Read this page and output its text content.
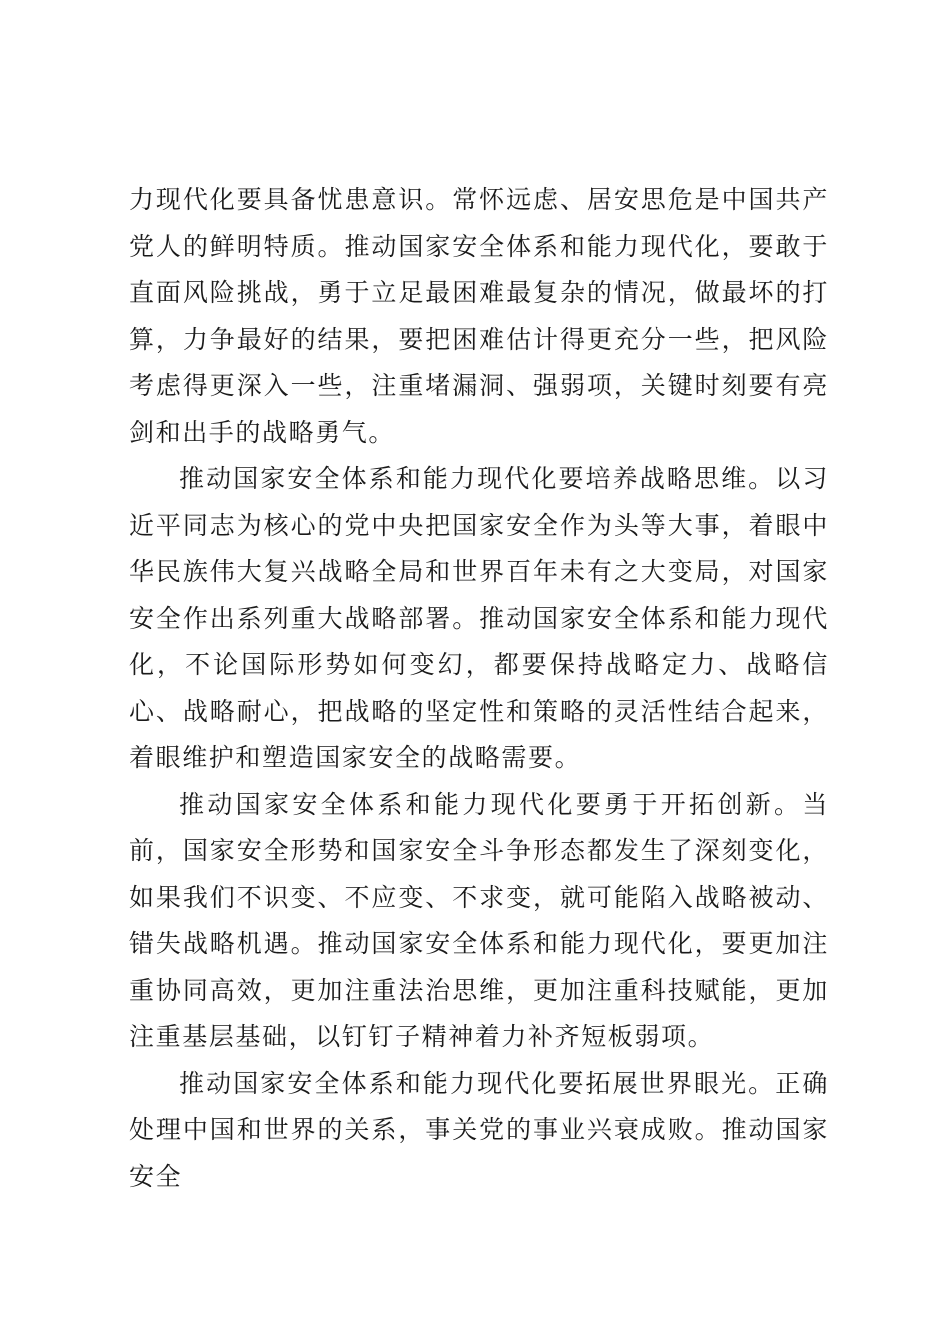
力现代化要具备忧患意识。常怀远虑、居安思危是中国共产党人的鲜明特质。推动国家安全体系和能力现代化，要敢于直面风险挑战，勇于立足最困难最复杂的情况，做最坏的打算，力争最好的结果，要把困难估计得更充分一些，把风险考虑得更深入一些，注重堵漏洞、强弱项，关键时刻要有亮剑和出手的战略勇气。

推动国家安全体系和能力现代化要培养战略思维。以习近平同志为核心的党中央把国家安全作为头等大事，着眼中华民族伟大复兴战略全局和世界百年未有之大变局，对国家安全作出系列重大战略部署。推动国家安全体系和能力现代化，不论国际形势如何变幻，都要保持战略定力、战略信心、战略耐心，把战略的坚定性和策略的灵活性结合起来，着眼维护和塑造国家安全的战略需要。

推动国家安全体系和能力现代化要勇于开拓创新。当前，国家安全形势和国家安全斗争形态都发生了深刻变化，如果我们不识变、不应变、不求变，就可能陷入战略被动、错失战略机遇。推动国家安全体系和能力现代化，要更加注重协同高效，更加注重法治思维，更加注重科技赋能，更加注重基层基础，以钉钉子精神着力补齐短板弱项。

推动国家安全体系和能力现代化要拓展世界眼光。正确处理中国和世界的关系，事关党的事业兴衰成败。推动国家安全
